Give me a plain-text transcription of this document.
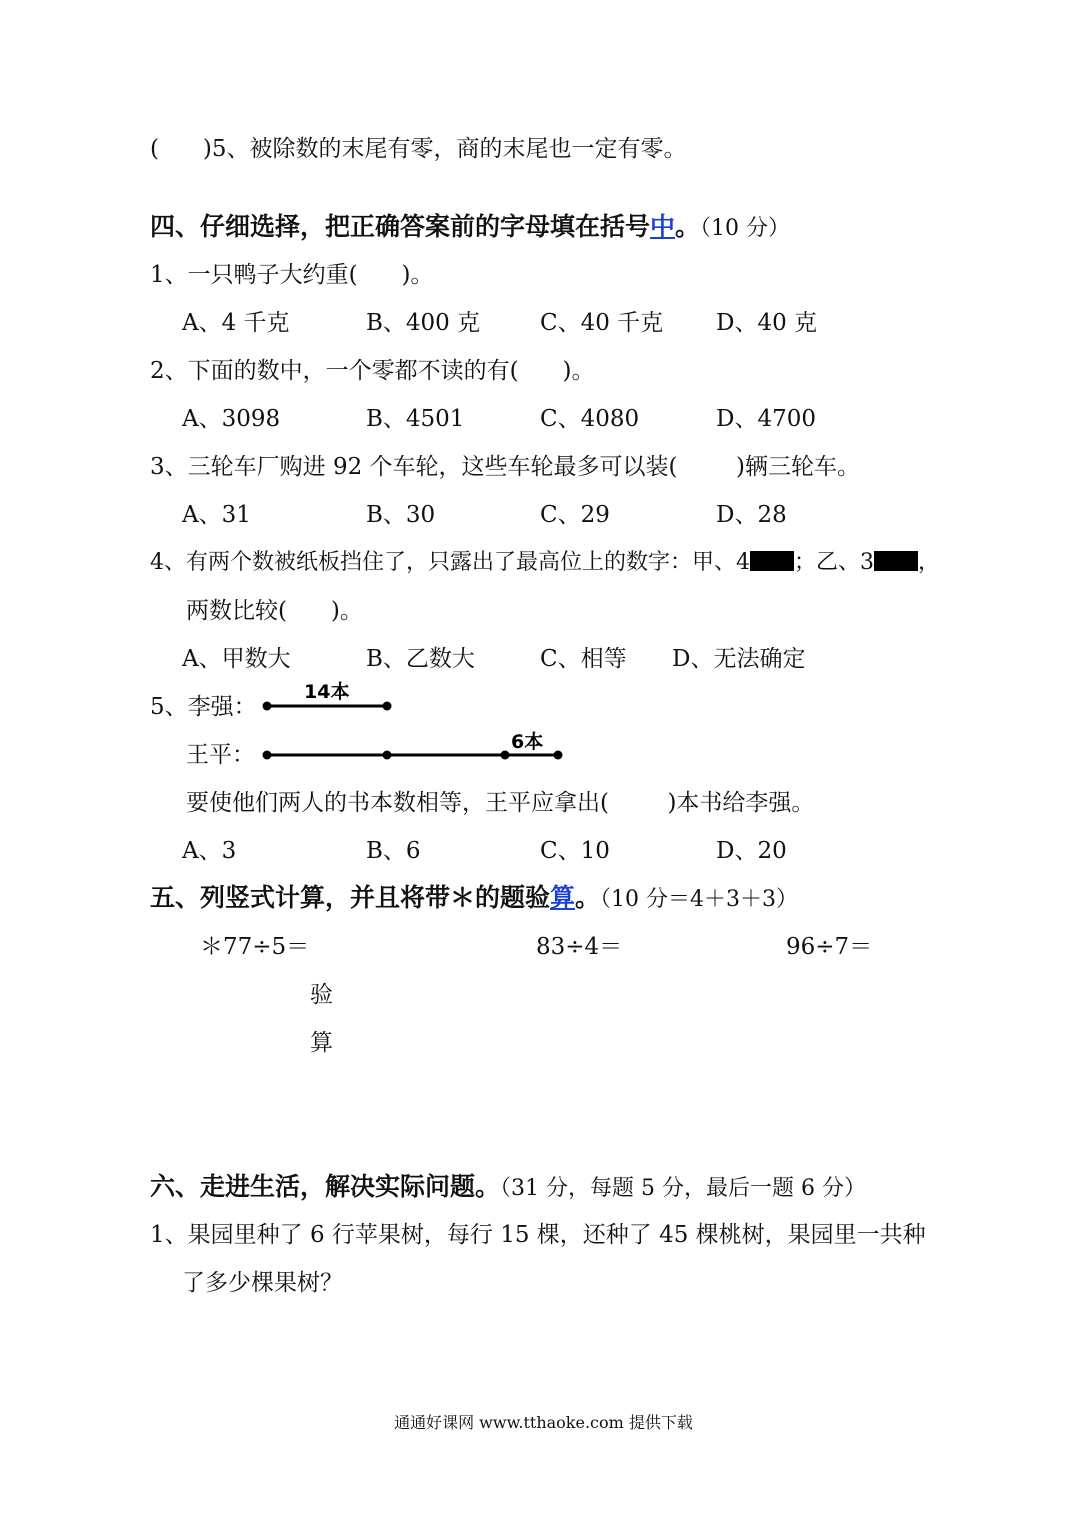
(      )5、被除数的末尾有零，商的末尾也一定有零。
四、仔细选择，把正确答案前的字母填在括号中。（10 分）
1、一只鸭子大约重(      )。
A、4 千克	B、400 克	C、40 千克 D、40 克
2、下面的数中，一个零都不读的有(      )。
A、3098	B、4501	C、4080	D、4700
3、三轮车厂购进 92 个车轮，这些车轮最多可以装(        )辆三轮车。
A、31	B、30	C、29	D、28
4、有两个数被纸板挡住了，只露出了最高位上的数字：甲、4 ；乙、3 ，
两数比较(      )。
A、甲数大	B、乙数大	C、相等 D、无法确定
5、李强：
王平：
14本
6本
要使他们两人的书本数相等，王平应拿出(        )本书给李强。
A、3	B、6	C、10	D、20
五、列竖式计算，并且将带＊的题验算。（10 分＝4＋3＋3）
＊77÷5＝	83÷4＝	96÷7＝
验
算
六、走进生活，解决实际问题。（31 分，每题 5 分，最后一题 6 分）
1、果园里种了 6 行苹果树，每行 15 棵，还种了 45 棵桃树，果园里一共种
了多少棵果树？
通通好课网 www.tthaoke.com 提供下载
